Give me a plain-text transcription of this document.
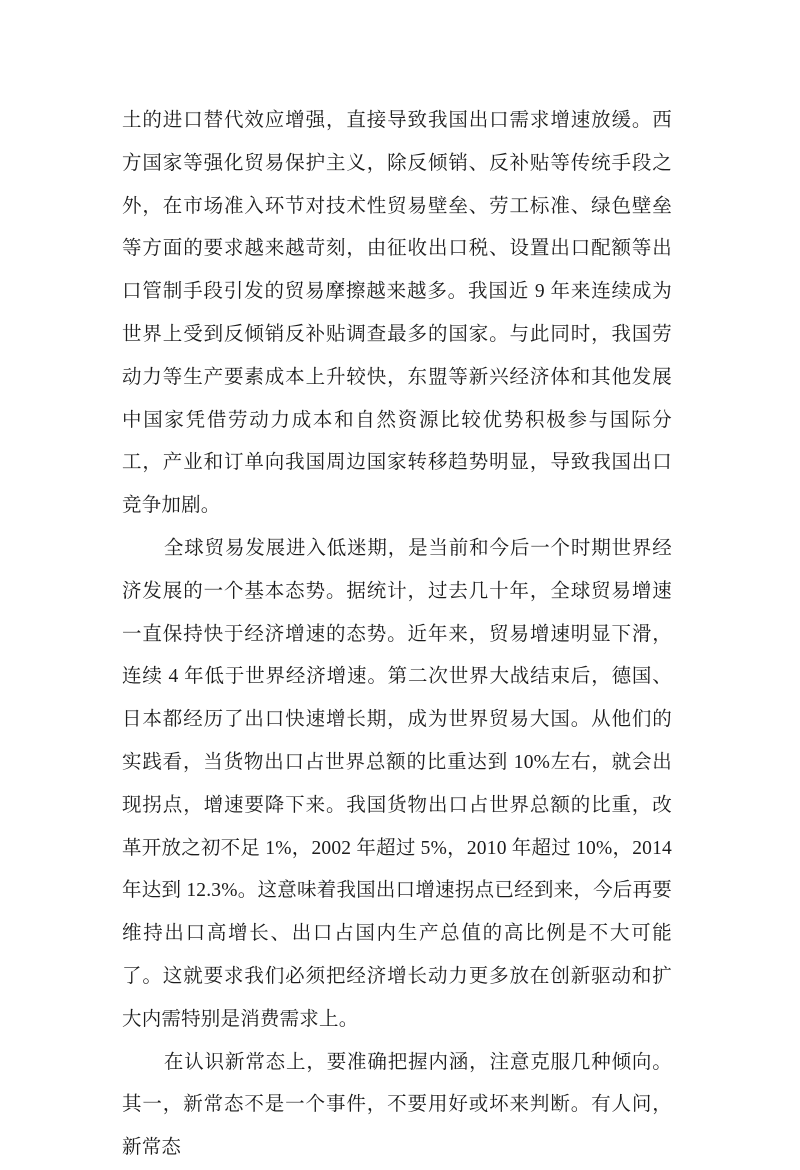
土的进口替代效应增强，直接导致我国出口需求增速放缓。西方国家等强化贸易保护主义，除反倾销、反补贴等传统手段之外，在市场准入环节对技术性贸易壁垒、劳工标准、绿色壁垒等方面的要求越来越苛刻，由征收出口税、设置出口配额等出口管制手段引发的贸易摩擦越来越多。我国近 9 年来连续成为世界上受到反倾销反补贴调查最多的国家。与此同时，我国劳动力等生产要素成本上升较快，东盟等新兴经济体和其他发展中国家凭借劳动力成本和自然资源比较优势积极参与国际分工，产业和订单向我国周边国家转移趋势明显，导致我国出口竞争加剧。

全球贸易发展进入低迷期，是当前和今后一个时期世界经济发展的一个基本态势。据统计，过去几十年，全球贸易增速一直保持快于经济增速的态势。近年来，贸易增速明显下滑，连续 4 年低于世界经济增速。第二次世界大战结束后，德国、日本都经历了出口快速增长期，成为世界贸易大国。从他们的实践看，当货物出口占世界总额的比重达到 10%左右，就会出现拐点，增速要降下来。我国货物出口占世界总额的比重，改革开放之初不足 1%，2002 年超过 5%，2010 年超过 10%，2014 年达到 12.3%。这意味着我国出口增速拐点已经到来，今后再要维持出口高增长、出口占国内生产总值的高比例是不大可能了。这就要求我们必须把经济增长动力更多放在创新驱动和扩大内需特别是消费需求上。

在认识新常态上，要准确把握内涵，注意克服几种倾向。其一，新常态不是一个事件，不要用好或坏来判断。有人问，新常态
